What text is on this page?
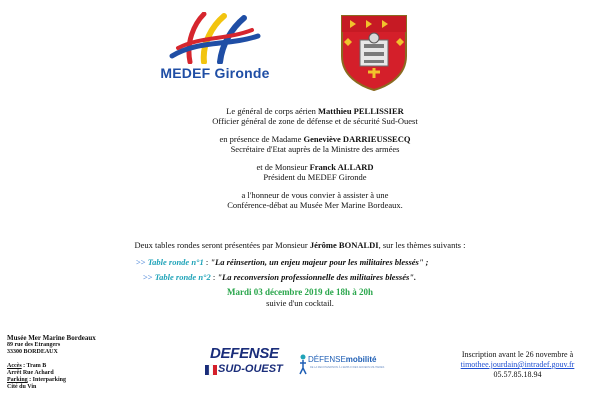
MEDEF Gironde
Le général de corps aérien Matthieu PELLISSIER
Officier général de zone de défense et de sécurité Sud-Ouest
en présence de Madame Geneviève DARRIEUSSECQ
Secrétaire d'Etat auprès de la Ministre des armées
et de Monsieur Franck ALLARD
Président du MEDEF Gironde
a l'honneur de vous convier à assister à une
Conférence-débat au Musée Mer Marine Bordeaux.
Deux tables rondes seront présentées par Monsieur Jérôme BONALDI, sur les thèmes suivants :
>> Table ronde n°1 : "La réinsertion, un enjeu majeur pour les militaires blessés" ;
>> Table ronde n°2 : "La reconversion professionnelle des militaires blessés".
Mardi 03 décembre 2019 de 18h à 20h
suivie d'un cocktail.
Musée Mer Marine Bordeaux
89 rue des Etrangers
33300 BORDEAUX
Accès : Tram B
Arrêt Rue Achard
Parking : Interparking
Cité du Vin
DEFENSE
SUD-OUEST
DÉFENSEmobilité
DE LA RECONVERSION À L'EMPLOI DES ANCIENS MILITAIRES
Inscription avant le 26 novembre à
timothee.jourdain@intradef.gouv.fr
05.57.85.18.94
